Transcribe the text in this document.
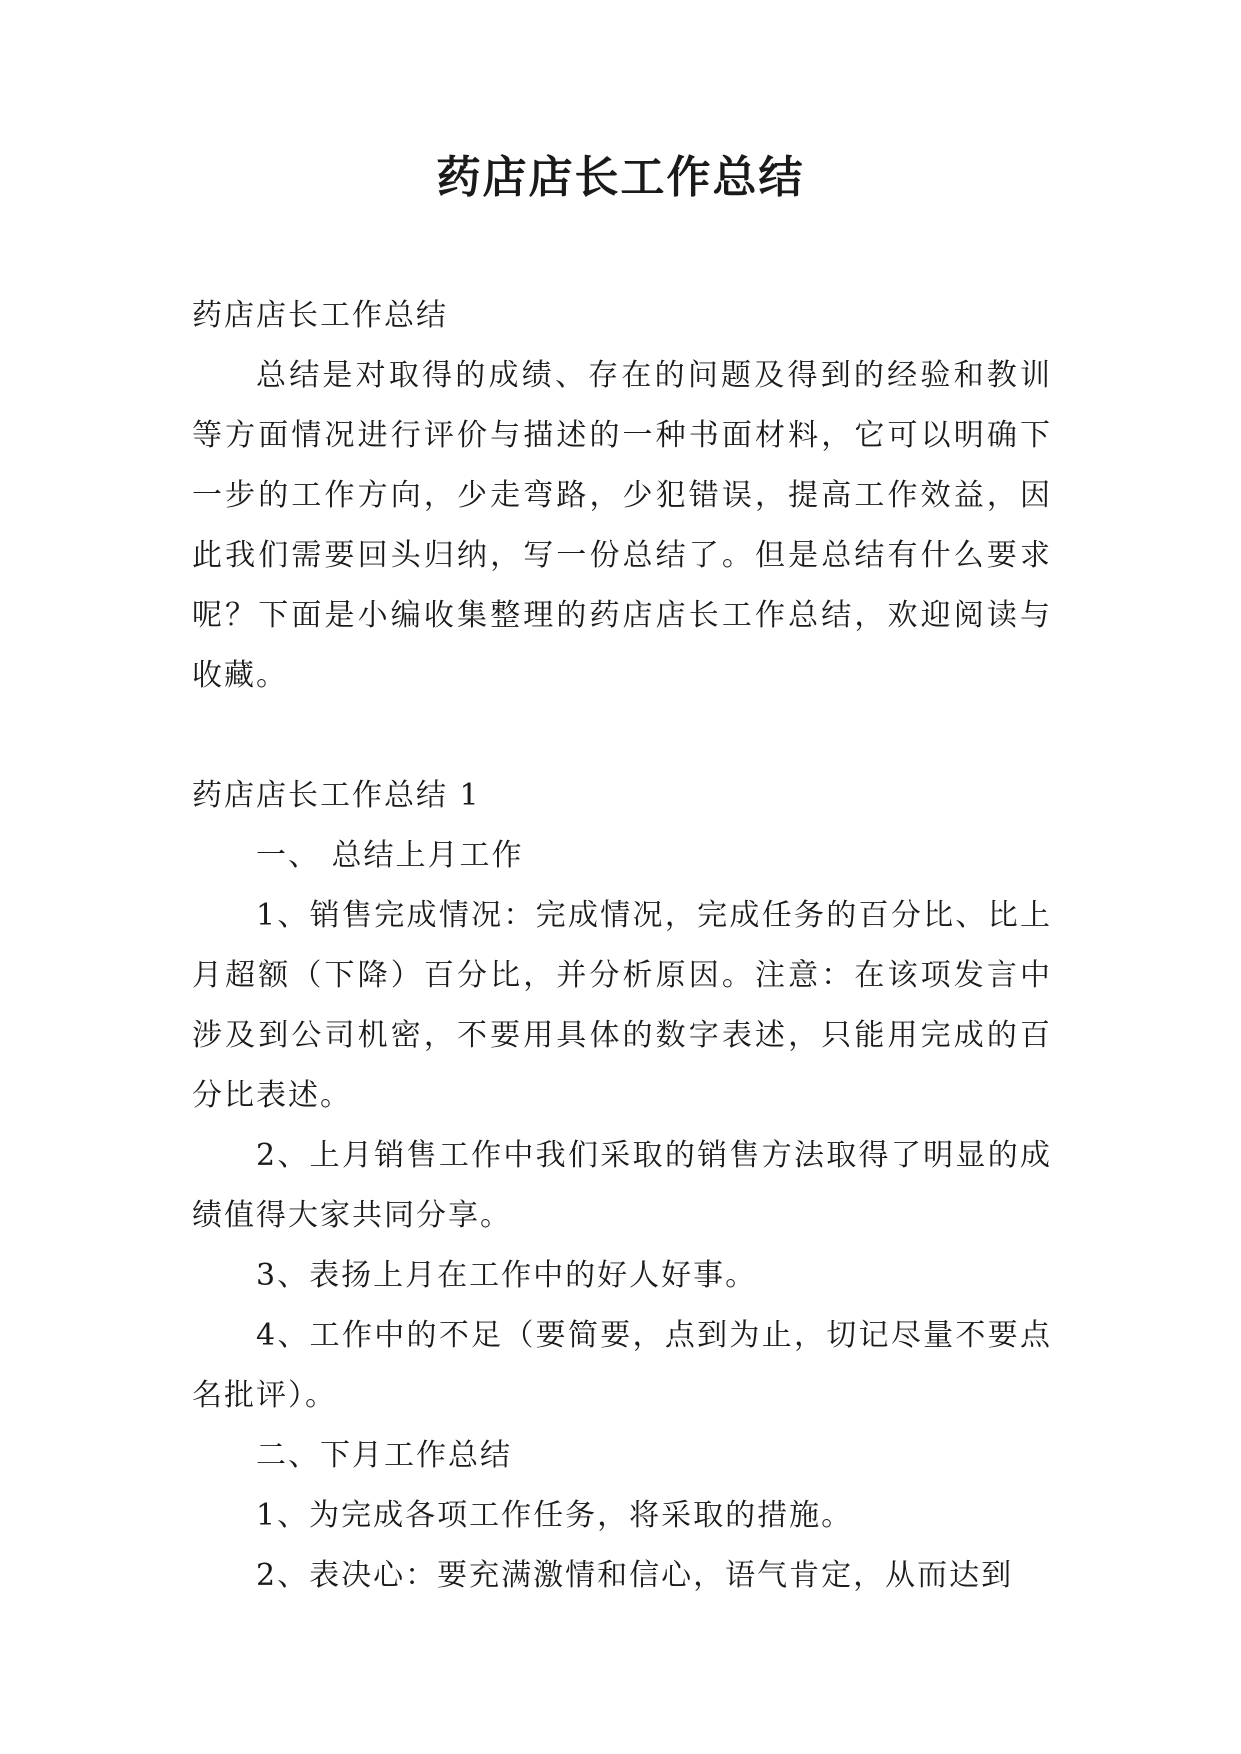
药店店长工作总结

药店店长工作总结

总结是对取得的成绩、存在的问题及得到的经验和教训等方面情况进行评价与描述的一种书面材料，它可以明确下一步的工作方向，少走弯路，少犯错误，提高工作效益，因此我们需要回头归纳，写一份总结了。但是总结有什么要求呢？下面是小编收集整理的药店店长工作总结，欢迎阅读与收藏。

药店店长工作总结 1

一、 总结上月工作

1、销售完成情况：完成情况，完成任务的百分比、比上月超额（下降）百分比，并分析原因。注意：在该项发言中涉及到公司机密，不要用具体的数字表述，只能用完成的百分比表述。

2、上月销售工作中我们采取的销售方法取得了明显的成绩值得大家共同分享。

3、表扬上月在工作中的好人好事。

4、工作中的不足（要简要，点到为止，切记尽量不要点名批评）。

二、下月工作总结

1、为完成各项工作任务，将采取的措施。

2、表决心：要充满激情和信心，语气肯定，从而达到
